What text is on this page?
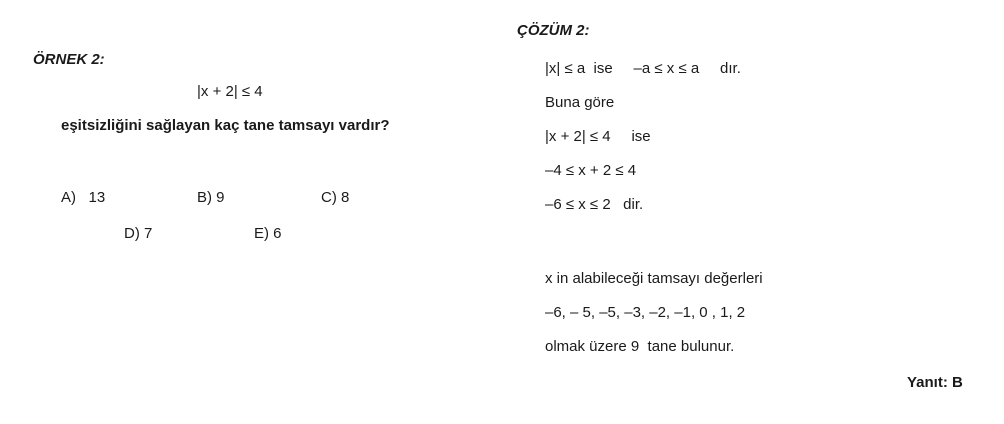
ÖRNEK 2:
|x + 2| ≤ 4
eşitsizliğini sağlayan kaç tane tamsayı vardır?
A)   13	B) 9	C) 8
D) 7	E) 6
ÇÖZÜM 2:
|x| ≤ a  ise     –a ≤ x ≤ a     dır.
Buna göre
|x + 2| ≤ 4     ise
–4 ≤ x + 2 ≤ 4
–6 ≤ x ≤ 2   dir.
x in alabileceği tamsayı değerleri
–6, – 5, –5, –3, –2, –1, 0 , 1, 2
olmak üzere 9  tane bulunur.
Yanıt: B
